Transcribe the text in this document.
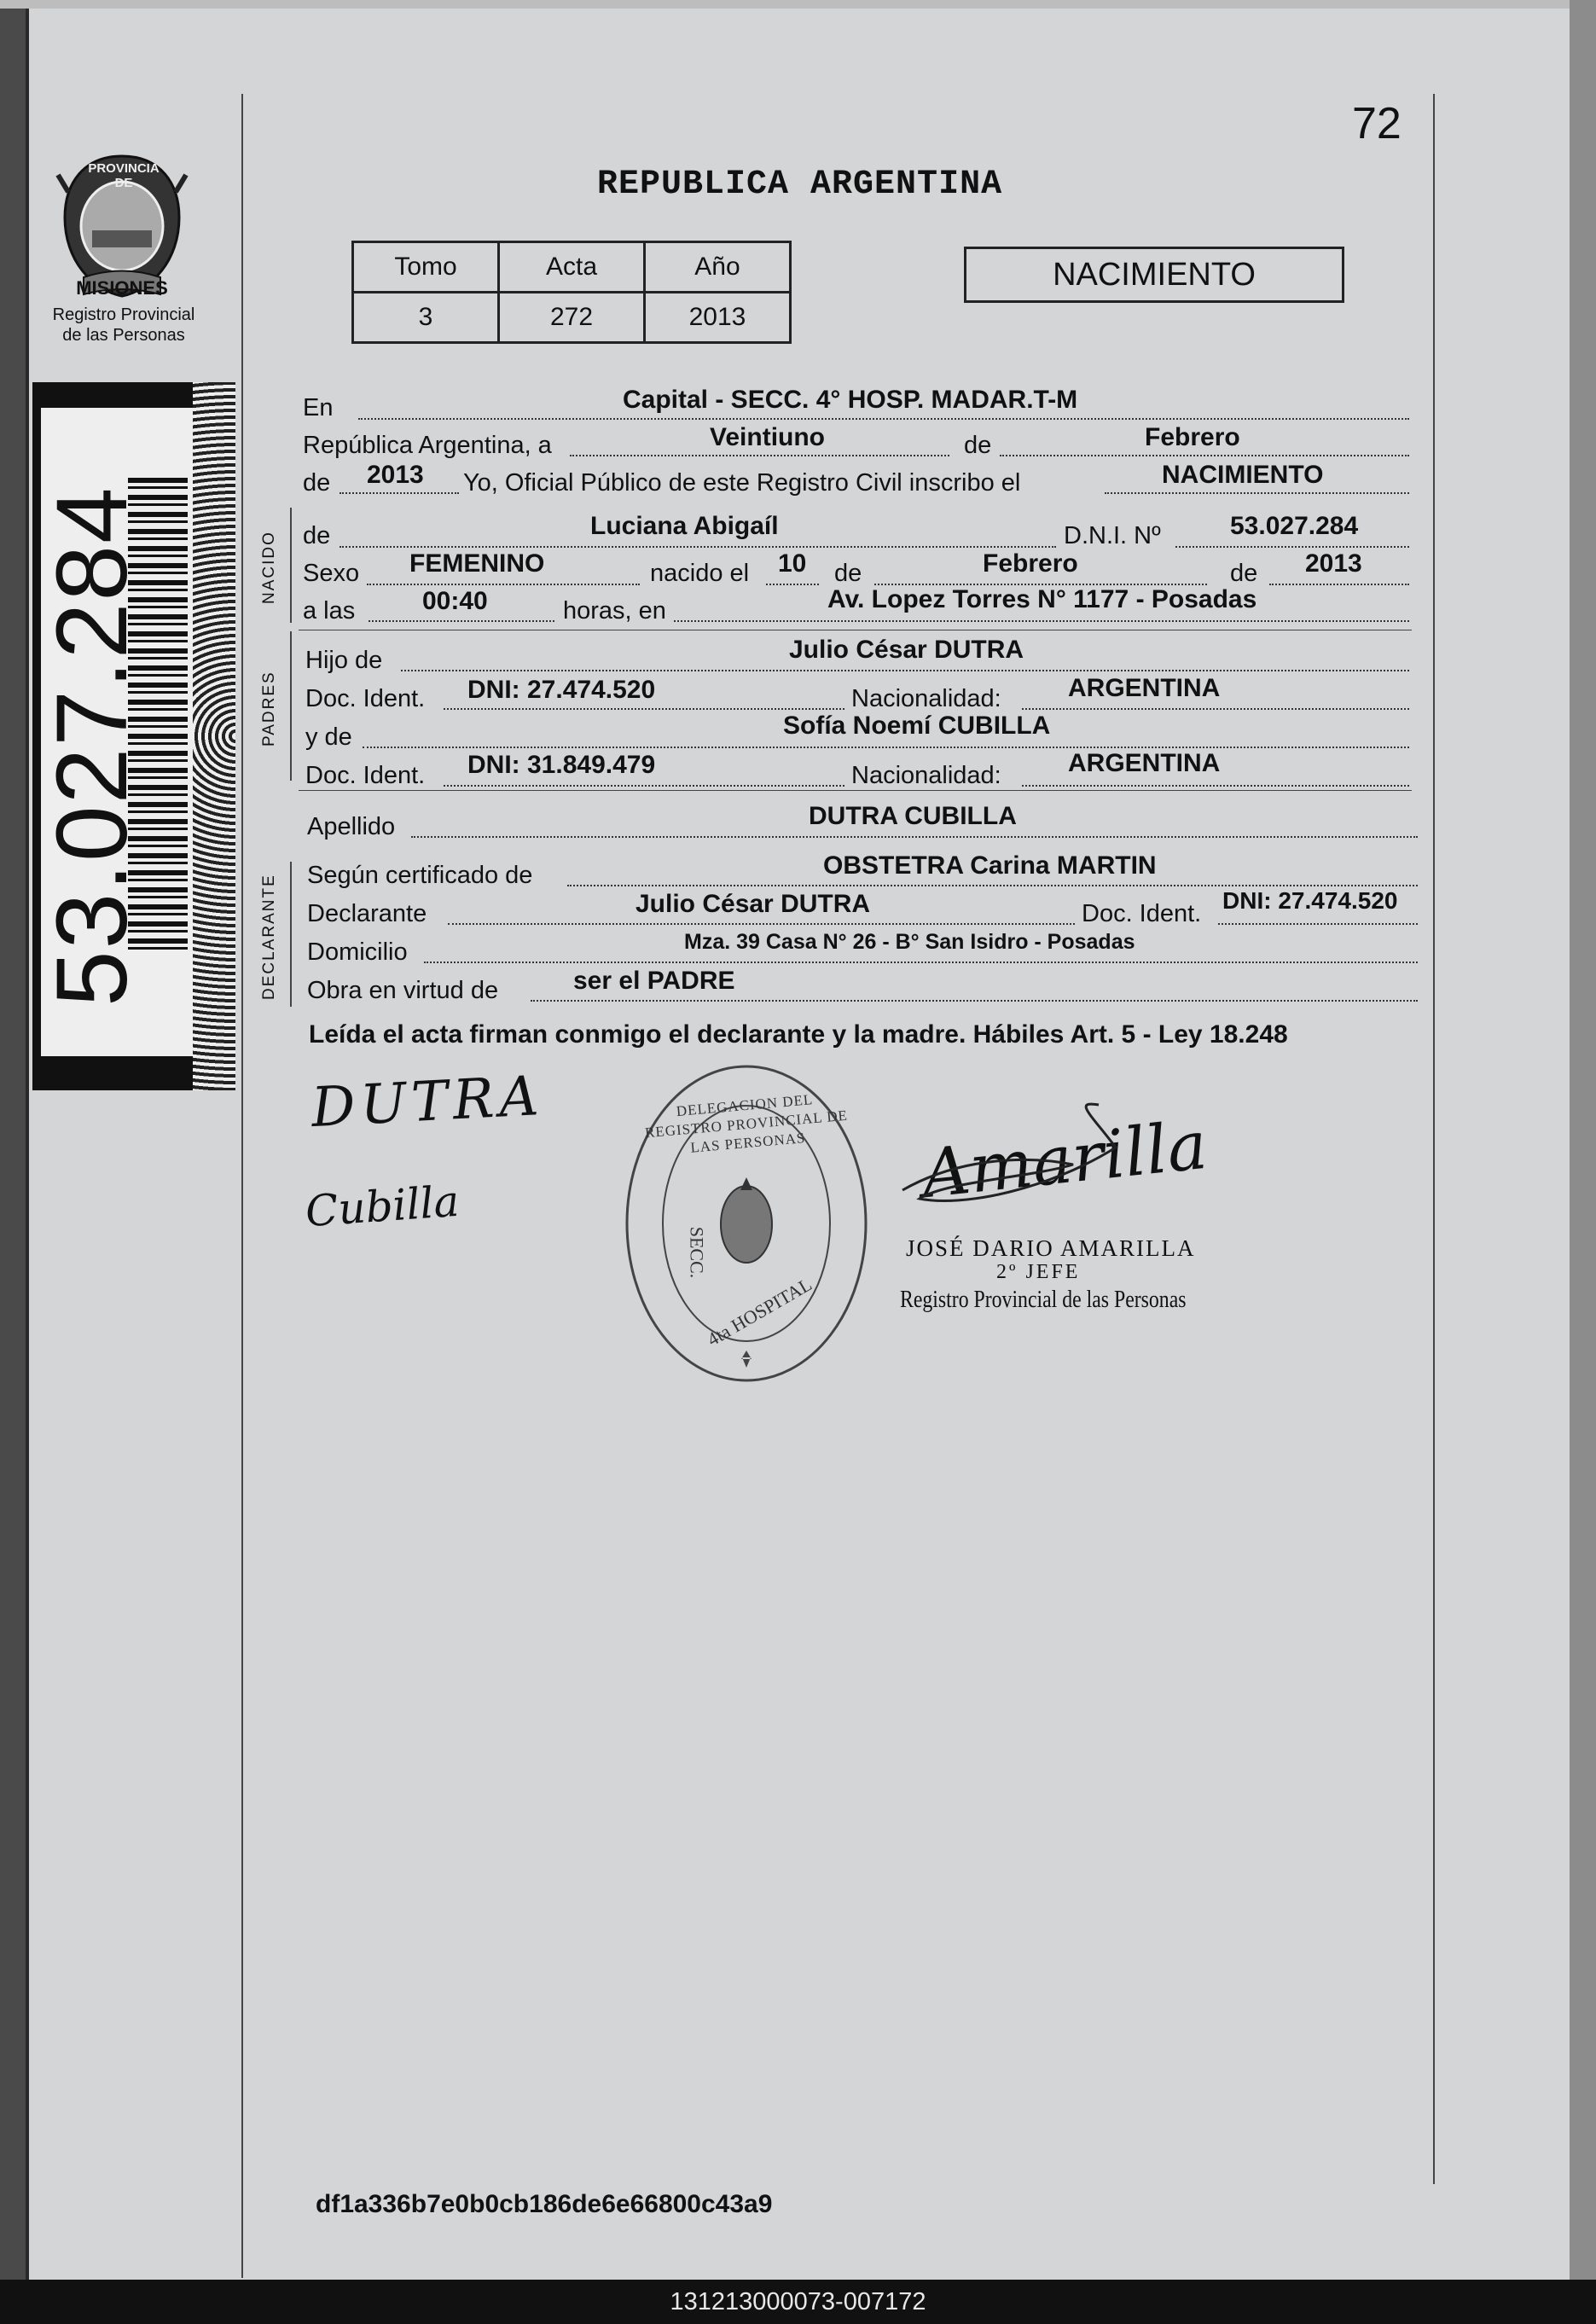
72
PROVINCIA DE
MISIONES
Registro Provincial
de las Personas
53.027.284
REPUBLICA ARGENTINA
Tomo	Acta	Año
3	272	2013
NACIMIENTO
NACIDO
PADRES
DECLARANTE
En	Capital - SECC. 4° HOSP. MADAR.T-M
República Argentina, a	Veintiuno	de	Febrero
de 2013 Yo, Oficial Público de este Registro Civil inscribo el	NACIMIENTO
de	Luciana Abigaíl	D.N.I. Nº	53.027.284
Sexo FEMENINO	nacido el 10 de	Febrero	de 2013
a las	00:40	horas, en	Av. Lopez Torres N° 1177 - Posadas
Hijo de	Julio César DUTRA
Doc. Ident. DNI: 27.474.520	Nacionalidad:	ARGENTINA
y de	Sofía Noemí CUBILLA
Doc. Ident. DNI: 31.849.479	Nacionalidad:	ARGENTINA
Apellido	DUTRA CUBILLA
Según certificado de	OBSTETRA Carina MARTIN
Declarante	Julio César DUTRA	Doc. Ident. DNI: 27.474.520
Domicilio	Mza. 39 Casa N° 26 - B° San Isidro - Posadas
Obra en virtud de	ser el PADRE
Leída el acta firman conmigo el declarante y la madre. Hábiles Art. 5 - Ley 18.248
DUTRA
Cubilla
DELEGACION DEL REGISTRO PROVINCIAL DE LAS PERSONAS
SECC.
4ta HOSPITAL
Amarilla
JOSÉ DARIO AMARILLA
2º JEFE
Registro Provincial de las Personas
df1a336b7e0b0cb186de6e66800c43a9
131213000073-007172
